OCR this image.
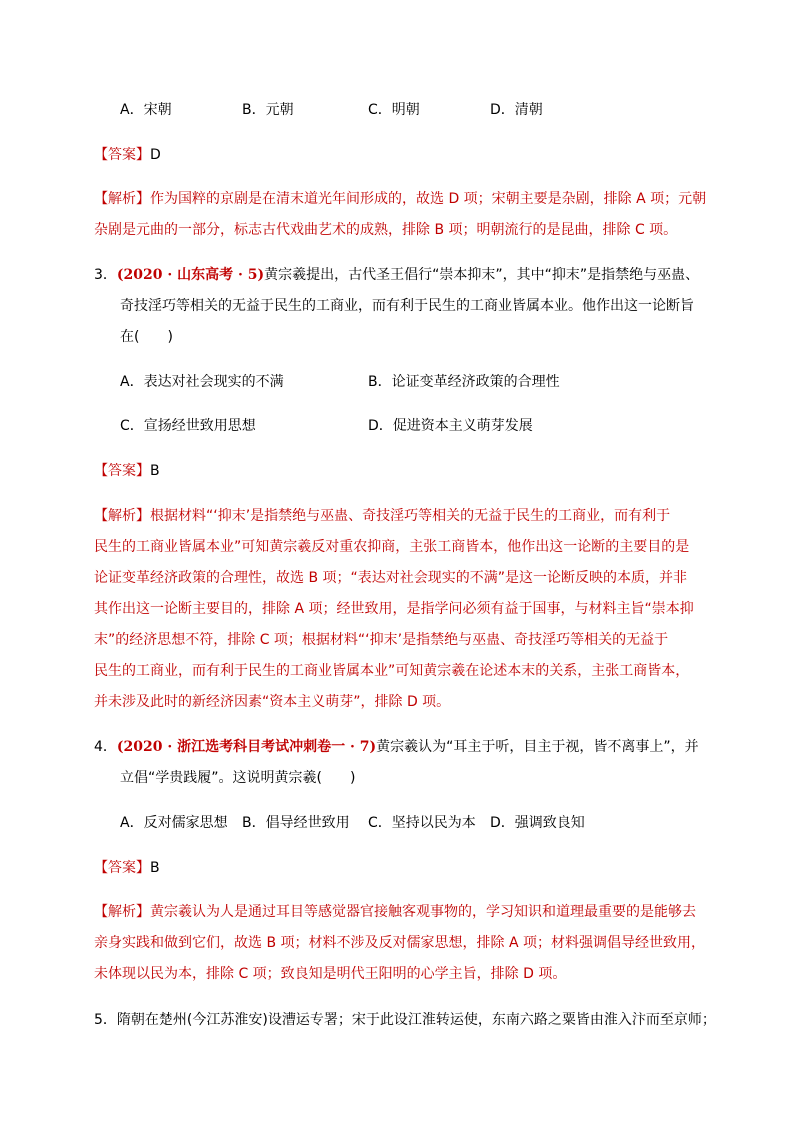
A．宋朝	B．元朝	C．明朝	D．清朝
【答案】D
【解析】作为国粹的京剧是在清末道光年间形成的，故选 D 项；宋朝主要是杂剧，排除 A 项；元朝
杂剧是元曲的一部分，标志古代戏曲艺术的成熟，排除 B 项；明朝流行的是昆曲，排除 C 项。
3．(2020 · 山东高考 · 5)黄宗羲提出，古代圣王倡行“崇本抑末”，其中“抑末”是指禁绝与巫蛊、
奇技淫巧等相关的无益于民生的工商业，而有利于民生的工商业皆属本业。他作出这一论断旨
在(　　)
A．表达对社会现实的不满	B．论证变革经济政策的合理性
C．宣扬经世致用思想	D．促进资本主义萌芽发展
【答案】B
【解析】根据材料“‘抑末’是指禁绝与巫蛊、奇技淫巧等相关的无益于民生的工商业，而有利于
民生的工商业皆属本业”可知黄宗羲反对重农抑商，主张工商皆本，他作出这一论断的主要目的是
论证变革经济政策的合理性，故选 B 项；“表达对社会现实的不满”是这一论断反映的本质，并非
其作出这一论断主要目的，排除 A 项；经世致用，是指学问必须有益于国事，与材料主旨“崇本抑
末”的经济思想不符，排除 C 项；根据材料“‘抑末’是指禁绝与巫蛊、奇技淫巧等相关的无益于
民生的工商业，而有利于民生的工商业皆属本业”可知黄宗羲在论述本末的关系，主张工商皆本，
并未涉及此时的新经济因素“资本主义萌芽”，排除 D 项。
4．(2020 · 浙江选考科目考试冲刺卷一 · 7)黄宗羲认为“耳主于听，目主于视，皆不离事上”，并
立倡“学贵践履”。这说明黄宗羲(　　)
A．反对儒家思想 B．倡导经世致用 C．坚持以民为本 D．强调致良知
【答案】B
【解析】黄宗羲认为人是通过耳目等感觉器官接触客观事物的，学习知识和道理最重要的是能够去
亲身实践和做到它们，故选 B 项；材料不涉及反对儒家思想，排除 A 项；材料强调倡导经世致用，
未体现以民为本，排除 C 项；致良知是明代王阳明的心学主旨，排除 D 项。
5．隋朝在楚州(今江苏淮安)设漕运专署；宋于此设江淮转运使，东南六路之粟皆由淮入汴而至京师；
